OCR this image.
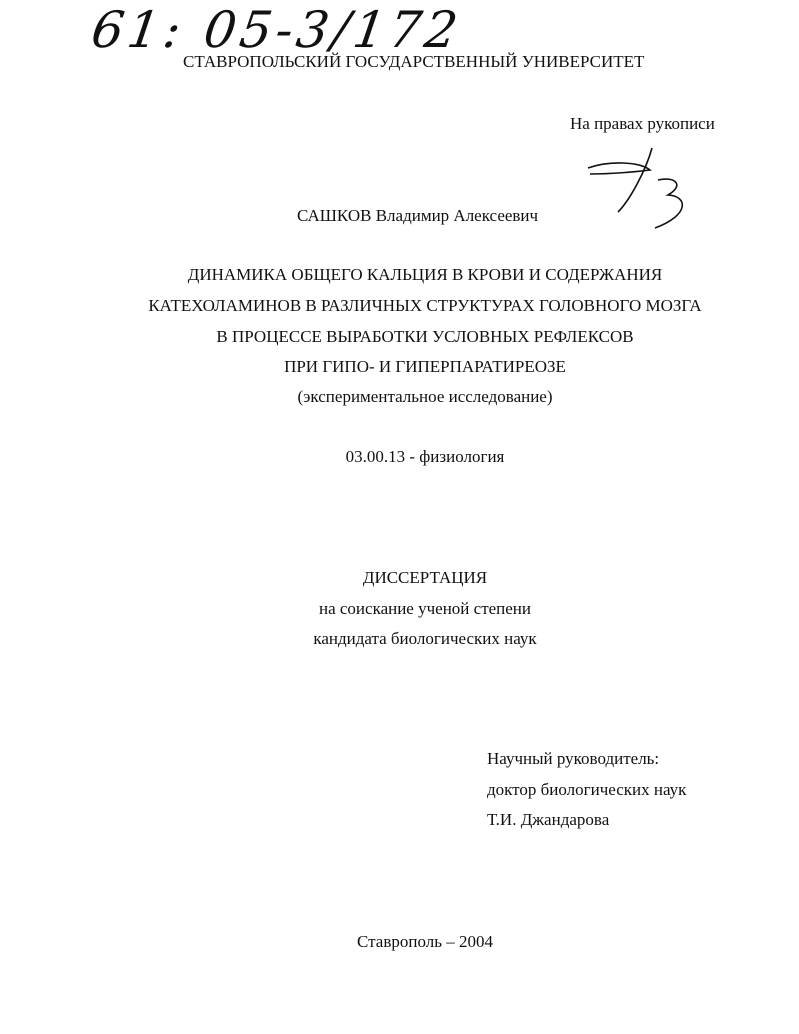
61: 05-3/172
СТАВРОПОЛЬСКИЙ ГОСУДАРСТВЕННЫЙ УНИВЕРСИТЕТ
На правах рукописи
САШКОВ Владимир Алексеевич
ДИНАМИКА ОБЩЕГО КАЛЬЦИЯ В КРОВИ И СОДЕРЖАНИЯ
КАТЕХОЛАМИНОВ В РАЗЛИЧНЫХ СТРУКТУРАХ ГОЛОВНОГО МОЗГА
В ПРОЦЕССЕ ВЫРАБОТКИ УСЛОВНЫХ РЕФЛЕКСОВ
ПРИ ГИПО- И ГИПЕРПАРАТИРЕОЗЕ
(экспериментальное исследование)
03.00.13 - физиология
ДИССЕРТАЦИЯ
на соискание ученой степени
кандидата биологических наук
Научный руководитель:
доктор биологических наук
Т.И. Джандарова
Ставрополь – 2004
